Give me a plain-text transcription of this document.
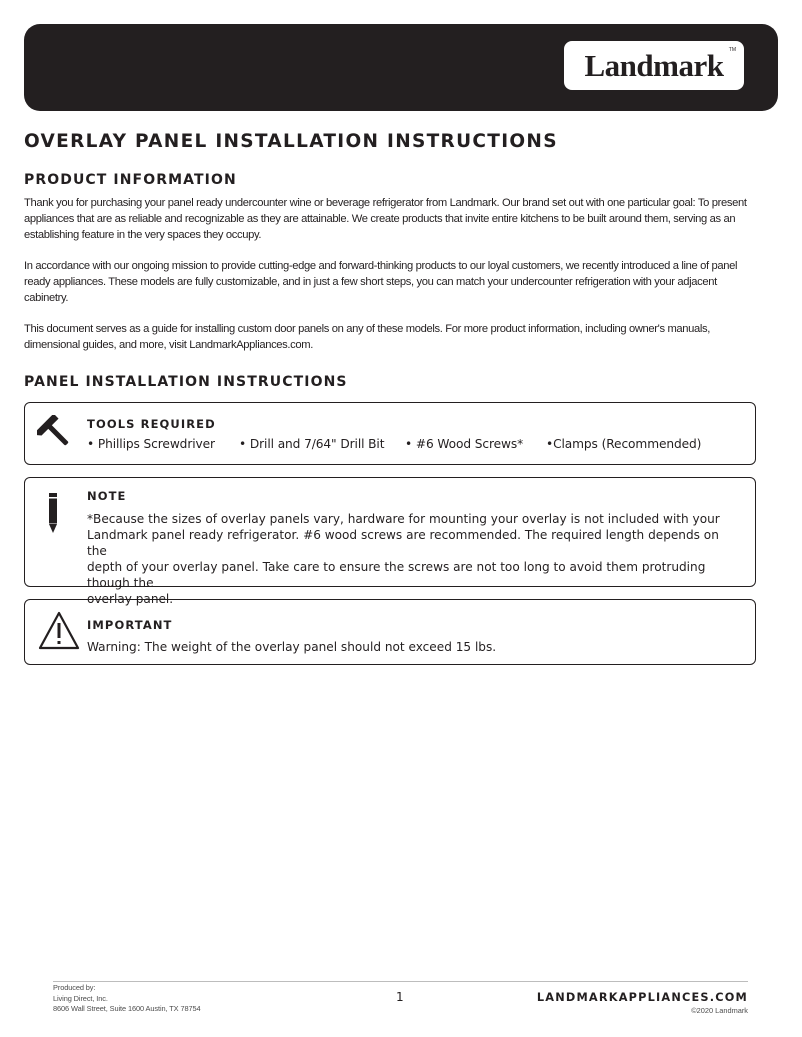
Landmark TM
OVERLAY PANEL INSTALLATION INSTRUCTIONS
PRODUCT INFORMATION

Thank you for purchasing your panel ready undercounter wine or beverage refrigerator from Landmark. Our brand set out with one particular goal: To present appliances that are as reliable and recognizable as they are attainable. We create products that invite entire kitchens to be built around them, serving as an establishing feature in the very spaces they occupy.

In accordance with our ongoing mission to provide cutting-edge and forward-thinking products to our loyal customers, we recently introduced a line of panel ready appliances. These models are fully customizable, and in just a few short steps, you can match your undercounter refrigeration with your adjacent cabinetry.

This document serves as a guide for installing custom door panels on any of these models. For more product information, including owner's manuals, dimensional guides, and more, visit LandmarkAppliances.com.

PANEL INSTALLATION INSTRUCTIONS
TOOLS REQUIRED
• Phillips Screwdriver • Drill and 7/64" Drill Bit • #6 Wood Screws* •Clamps (Recommended)
NOTE
*Because the sizes of overlay panels vary, hardware for mounting your overlay is not included with your
Landmark panel ready refrigerator. #6 wood screws are recommended. The required length depends on the
depth of your overlay panel. Take care to ensure the screws are not too long to avoid them protruding though the
overlay panel.
IMPORTANT
Warning: The weight of the overlay panel should not exceed 15 lbs.
Produced by:
Living Direct, Inc.
8606 Wall Street, Suite 1600 Austin, TX 78754
1	LANDMARKAPPLIANCES.COM
©2020 Landmark
